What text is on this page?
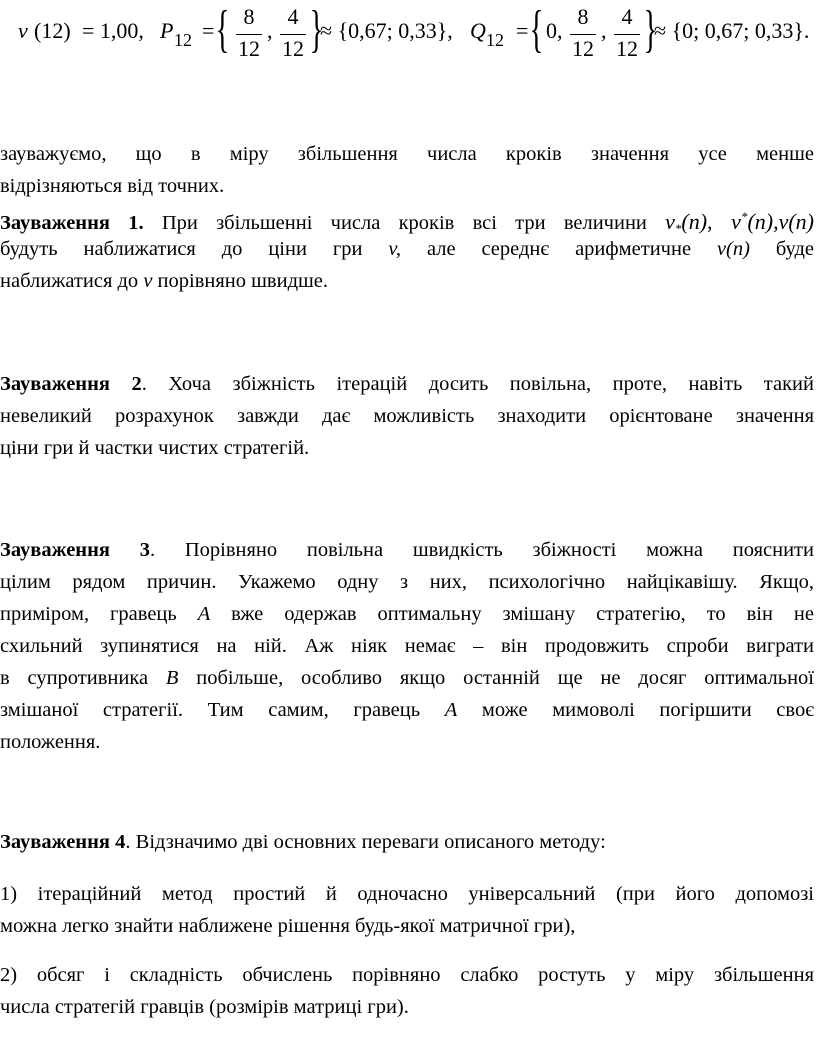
ν (12) = 1,00, P 12 = { 8
12
,
4
12 }
≈ {0,67; 0,33}, Q 12 = { 0,
8
12
,
4
12 }
≈ {0; 0,67; 0,33}.
зауважуємо, що в міру збільшення числа кроків значення усе менше
відрізняються від точних.
Зауваження 1. При збільшенні числа кроків всі три величини $\nu_*(n)$, ν*(n),ν(n)
будуть наближатися до ціни гри v, але середнє арифметичне v(n) буде
наближатися до v порівняно швидше.
Зауваження 2. Хоча збіжність ітерацій досить повільна, проте, навіть такий
невеликий розрахунок завжди дає можливість знаходити орієнтоване значення
ціни гри й частки чистих стратегій.
Зауваження 3. Порівняно повільна швидкість збіжності можна пояснити
цілим рядом причин. Укажемо одну з них, психологічно найцікавішу. Якщо,
приміром, гравець А вже одержав оптимальну змішану стратегію, то він не
схильний зупинятися на ній. Аж ніяк немає – він продовжить спроби виграти
в супротивника В побільше, особливо якщо останній ще не досяг оптимальної
змішаної стратегії. Тим самим, гравець А може мимоволі погіршити своє
положення.
Зауваження 4. Відзначимо дві основних переваги описаного методу:
1) ітераційний метод простий й одночасно універсальний (при його допомозі
можна легко знайти наближене рішення будь-якої матричної гри),
2) обсяг і складність обчислень порівняно слабко ростуть у міру збільшення
числа стратегій гравців (розмірів матриці гри).
